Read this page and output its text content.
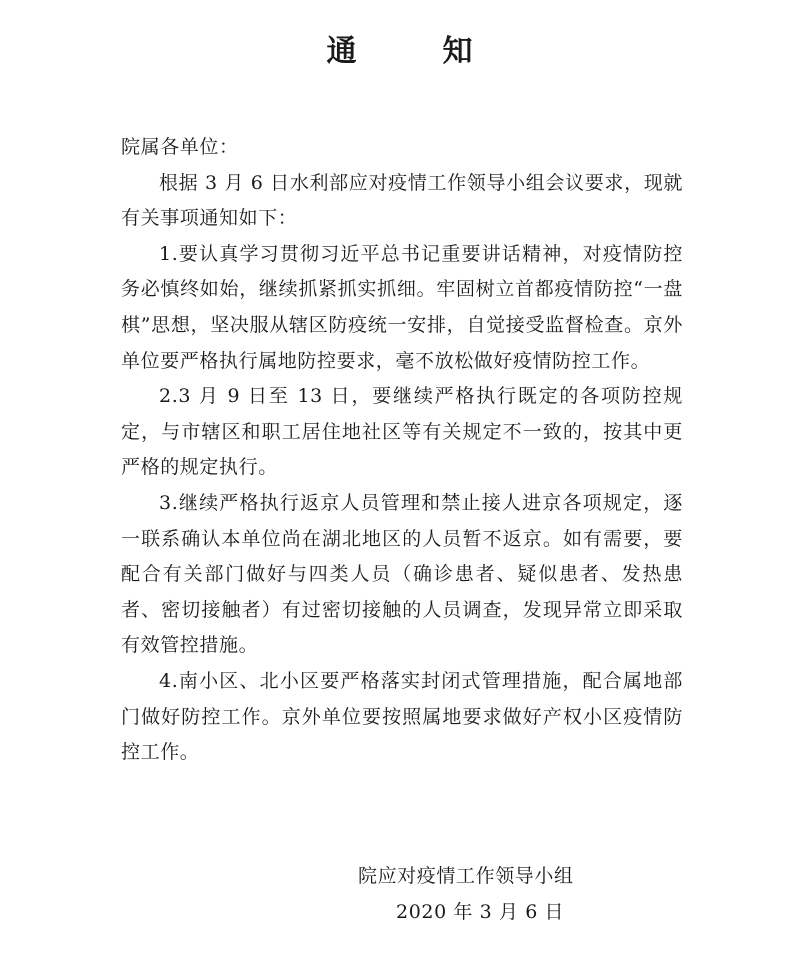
通　知

院属各单位：

根据 3 月 6 日水利部应对疫情工作领导小组会议要求，现就有关事项通知如下：

1.要认真学习贯彻习近平总书记重要讲话精神，对疫情防控务必慎终如始，继续抓紧抓实抓细。牢固树立首都疫情防控“一盘棋”思想，坚决服从辖区防疫统一安排，自觉接受监督检查。京外单位要严格执行属地防控要求，毫不放松做好疫情防控工作。

2.3 月 9 日至 13 日，要继续严格执行既定的各项防控规定，与市辖区和职工居住地社区等有关规定不一致的，按其中更严格的规定执行。

3.继续严格执行返京人员管理和禁止接人进京各项规定，逐一联系确认本单位尚在湖北地区的人员暂不返京。如有需要，要配合有关部门做好与四类人员（确诊患者、疑似患者、发热患者、密切接触者）有过密切接触的人员调查，发现异常立即采取有效管控措施。

4.南小区、北小区要严格落实封闭式管理措施，配合属地部门做好防控工作。京外单位要按照属地要求做好产权小区疫情防控工作。

院应对疫情工作领导小组
2020 年 3 月 6 日
